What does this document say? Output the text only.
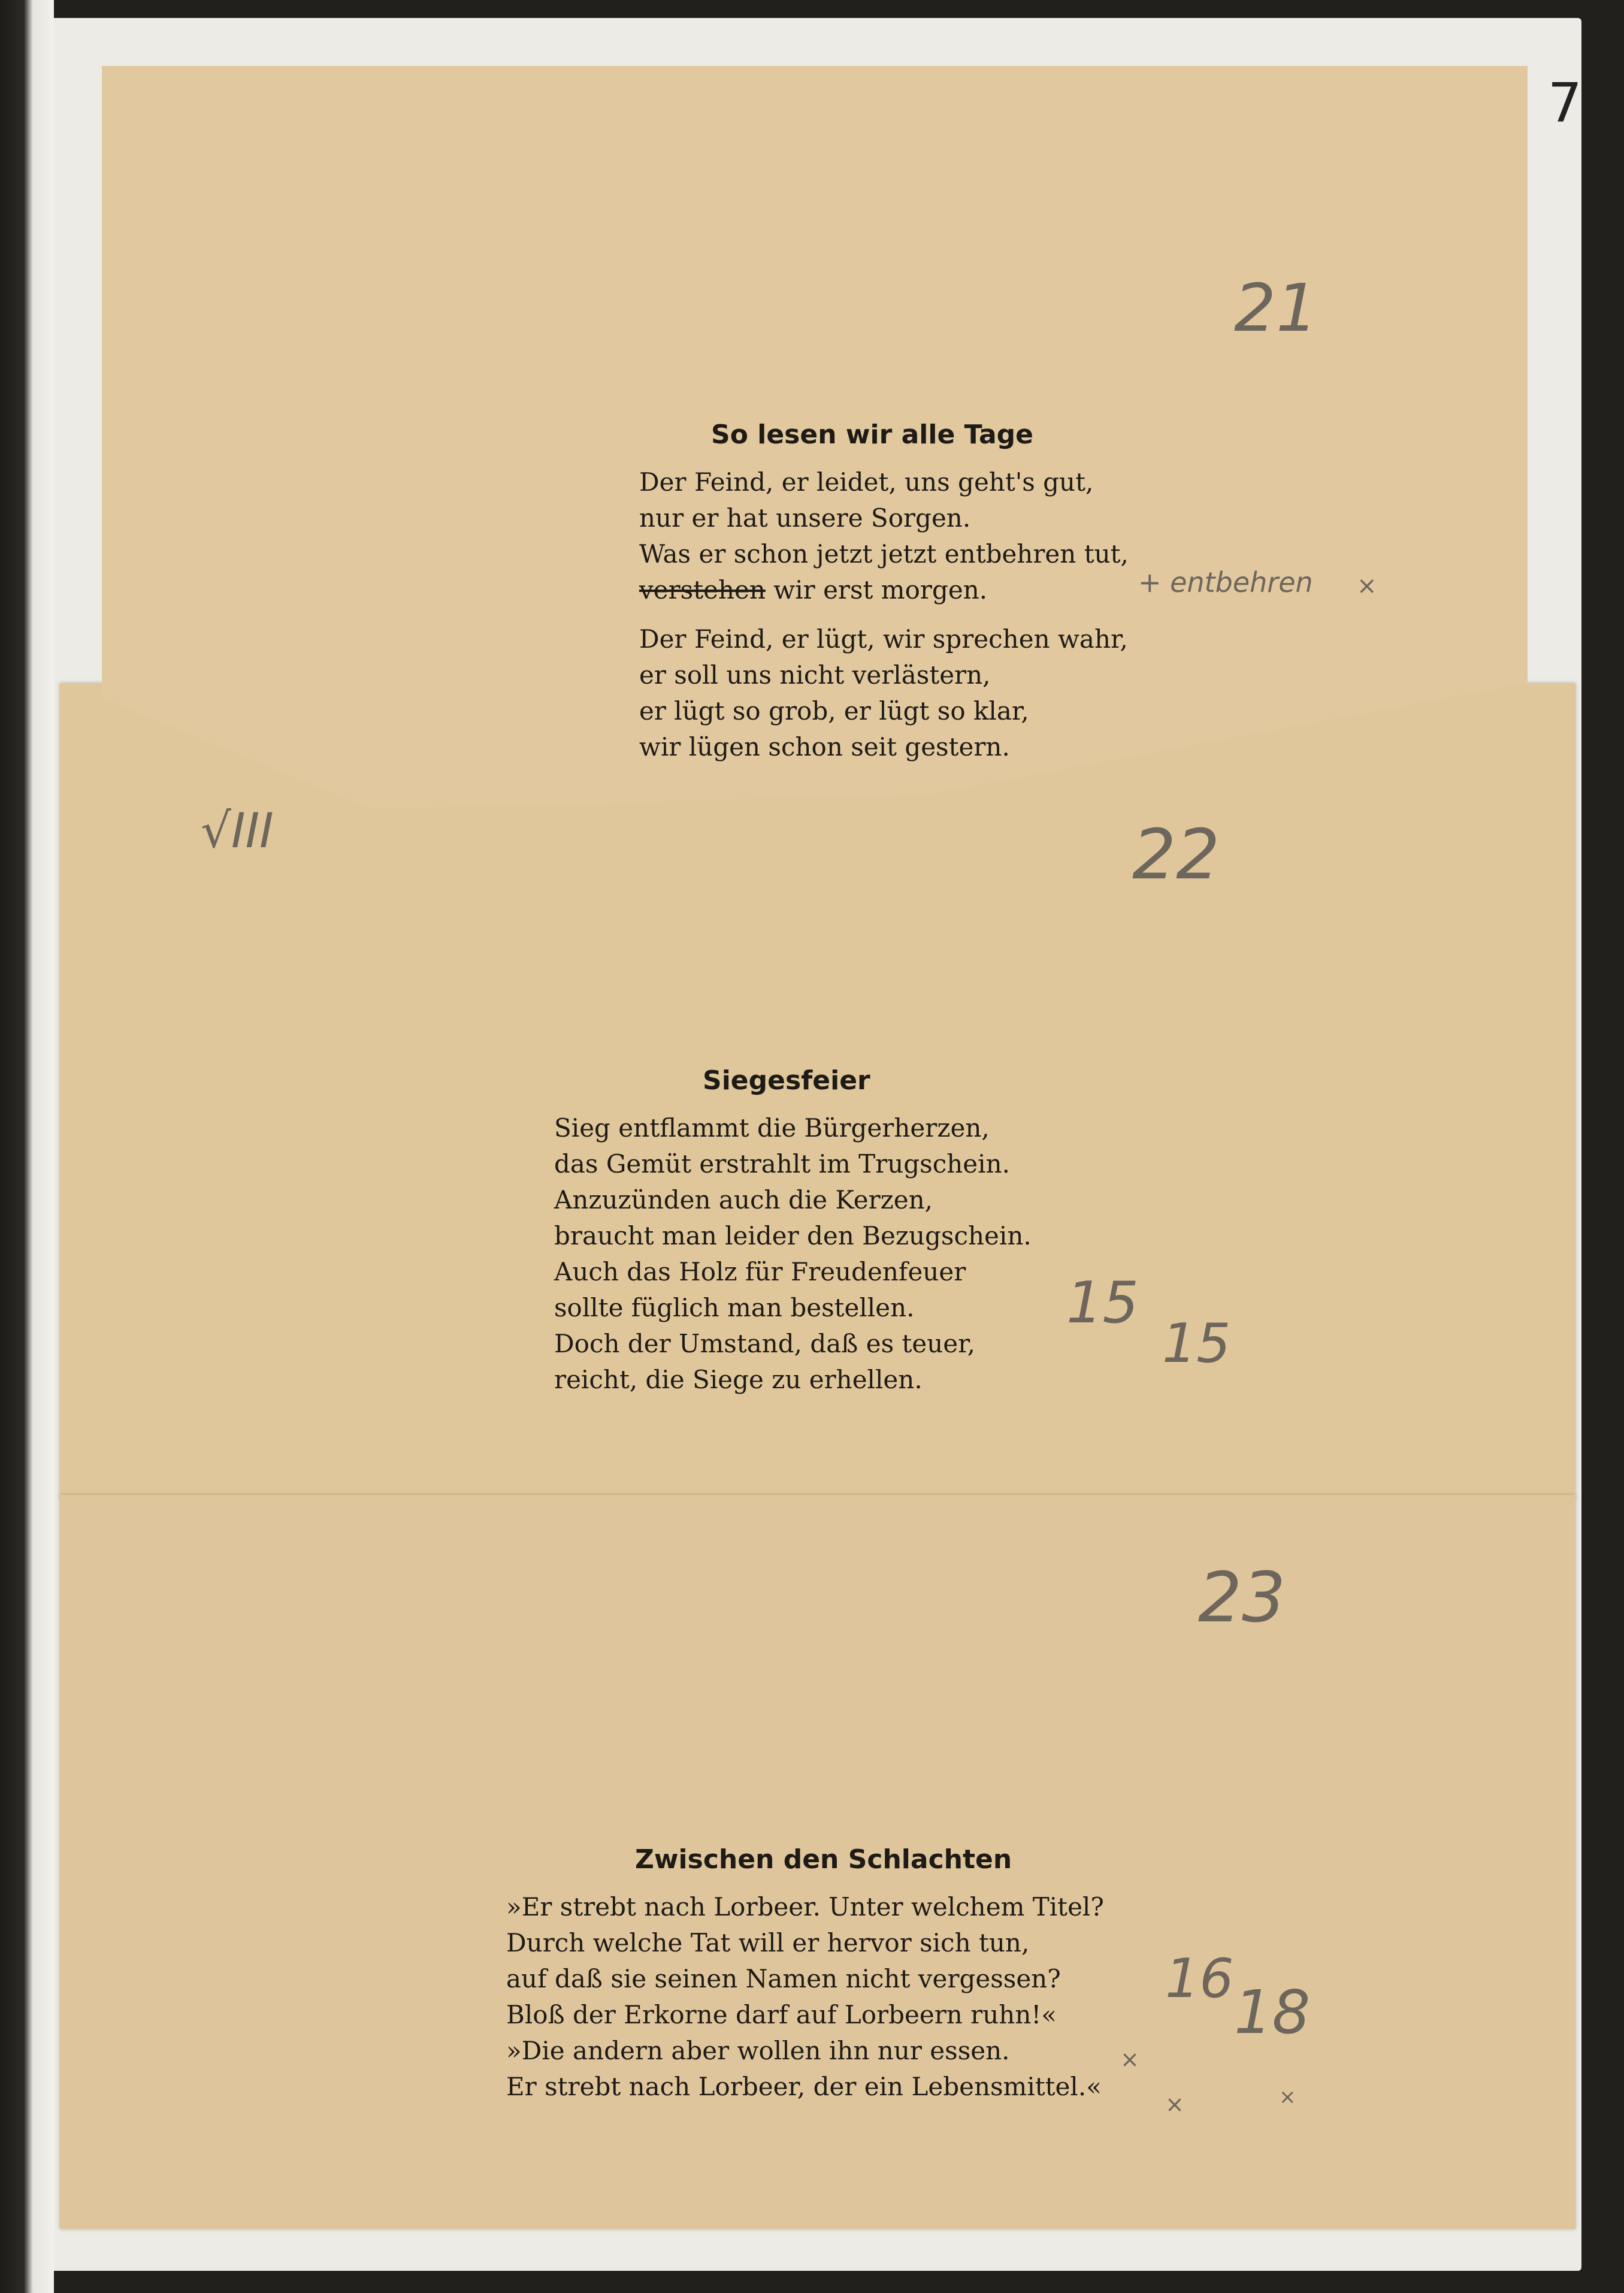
7
So lesen wir alle Tage
Der Feind, er leidet, uns geht's gut,
nur er hat unsere Sorgen.
Was er schon jetzt jetzt entbehren tut,
verstehen wir erst morgen.
Der Feind, er lügt, wir sprechen wahr,
er soll uns nicht verlästern,
er lügt so grob, er lügt so klar,
wir lügen schon seit gestern.
Siegesfeier
Sieg entflammt die Bürgerherzen,
das Gemüt erstrahlt im Trugschein.
Anzuzünden auch die Kerzen,
braucht man leider den Bezugschein.
Auch das Holz für Freudenfeuer
sollte füglich man bestellen.
Doch der Umstand, daß es teuer,
reicht, die Siege zu erhellen.
Zwischen den Schlachten
»Er strebt nach Lorbeer. Unter welchem Titel?
Durch welche Tat will er hervor sich tun,
auf daß sie seinen Namen nicht vergessen?
Bloß der Erkorne darf auf Lorbeern ruhn!«
»Die andern aber wollen ihn nur essen.
Er strebt nach Lorbeer, der ein Lebensmittel.«
21
+ entbehren ×
22
√III
15
15
23
16 18
×
×	×
